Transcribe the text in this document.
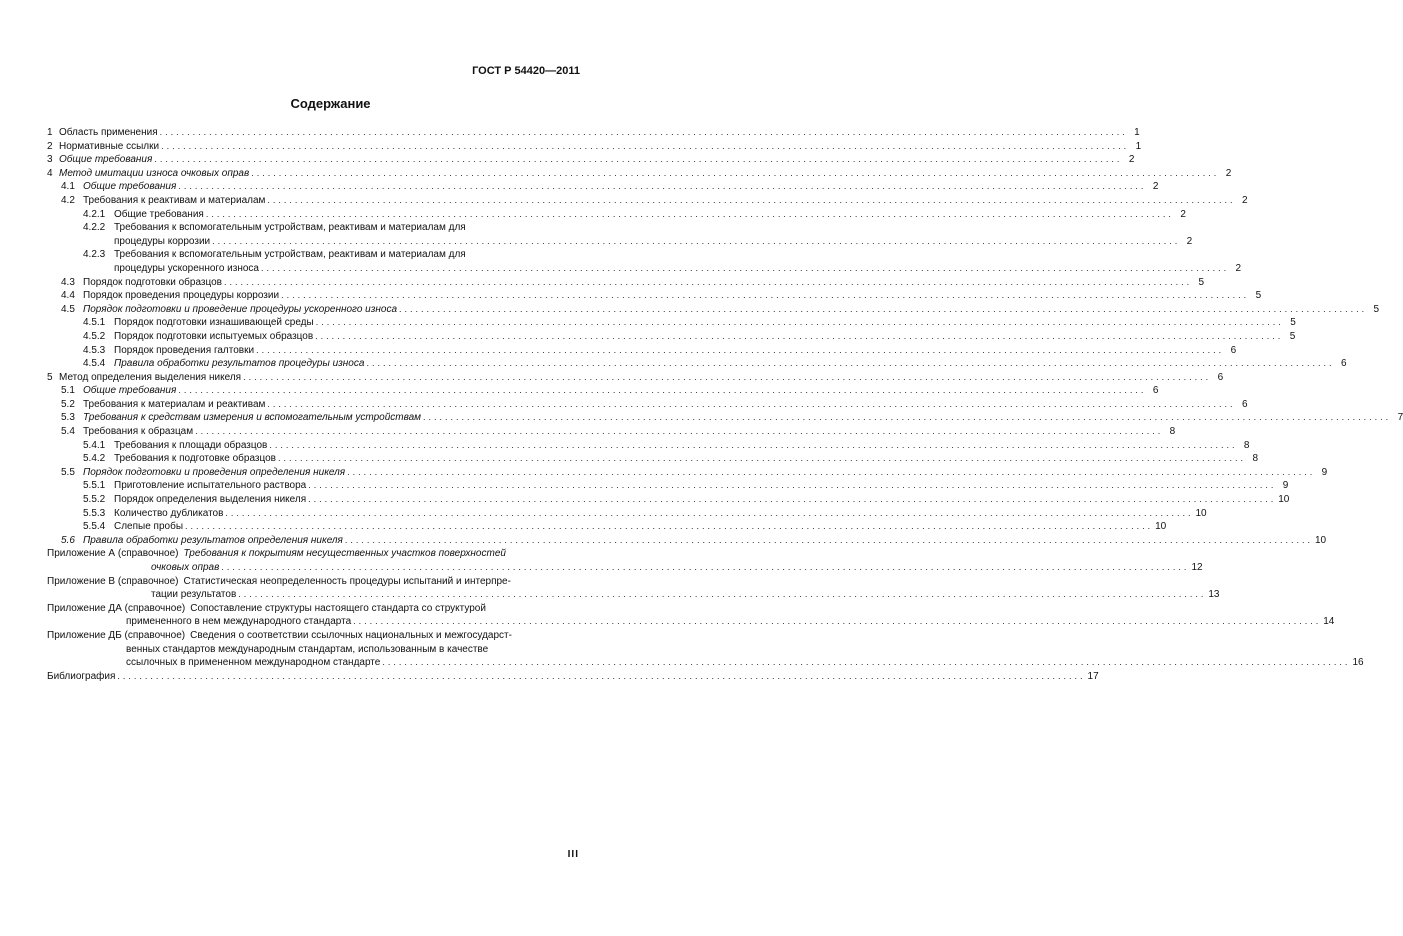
ГОСТ Р 54420—2011
Содержание
1 Область применения .....	1
2 Нормативные ссылки .....	1
3 Общие требования .....	2
4 Метод имитации износа очковых оправ .....	2
4.1 Общие требования .....	2
4.2 Требования к реактивам и материалам .....	2
4.2.1 Общие требования .....	2
4.2.2 Требования к вспомогательным устройствам, реактивам и материалам для
процедуры коррозии .....	2
4.2.3 Требования к вспомогательным устройствам, реактивам и материалам для
процедуры ускоренного износа .....	2
4.3 Порядок подготовки образцов .....	5
4.4 Порядок проведения процедуры коррозии .....	5
4.5 Порядок подготовки и проведение процедуры ускоренного износа .....	5
4.5.1 Порядок подготовки изнашивающей среды .....	5
4.5.2 Порядок подготовки испытуемых образцов .....	5
4.5.3 Порядок проведения галтовки .....	6
4.5.4 Правила обработки результатов процедуры износа .....	6
5 Метод определения выделения никеля .....	6
5.1 Общие требования .....	6
5.2 Требования к материалам и реактивам .....	6
5.3 Требования к средствам измерения и вспомогательным устройствам .....	7
5.4 Требования к образцам .....	8
5.4.1 Требования к площади образцов .....	8
5.4.2 Требования к подготовке образцов .....	8
5.5 Порядок подготовки и проведения определения никеля .....	9
5.5.1 Приготовление испытательного раствора .....	9
5.5.2 Порядок определения выделения никеля .....	10
5.5.3 Количество дубликатов .....	10
5.5.4 Слепые пробы .....	10
5.6 Правила обработки результатов определения никеля .....	10
Приложение А (справочное) Требования к покрытиям несущественных участков поверхностей
очковых оправ .....	12
Приложение В (справочное) Статистическая неопределенность процедуры испытаний и интерпре-
тации результатов .....	13
Приложение ДА (справочное) Сопоставление структуры настоящего стандарта со структурой
примененного в нем международного стандарта .....	14
Приложение ДБ (справочное) Сведения о соответствии ссылочных национальных и межгосударст-
венных стандартов международным стандартам, использованным в качестве
ссылочных в примененном международном стандарте .....	16
Библиография .....	17
III
